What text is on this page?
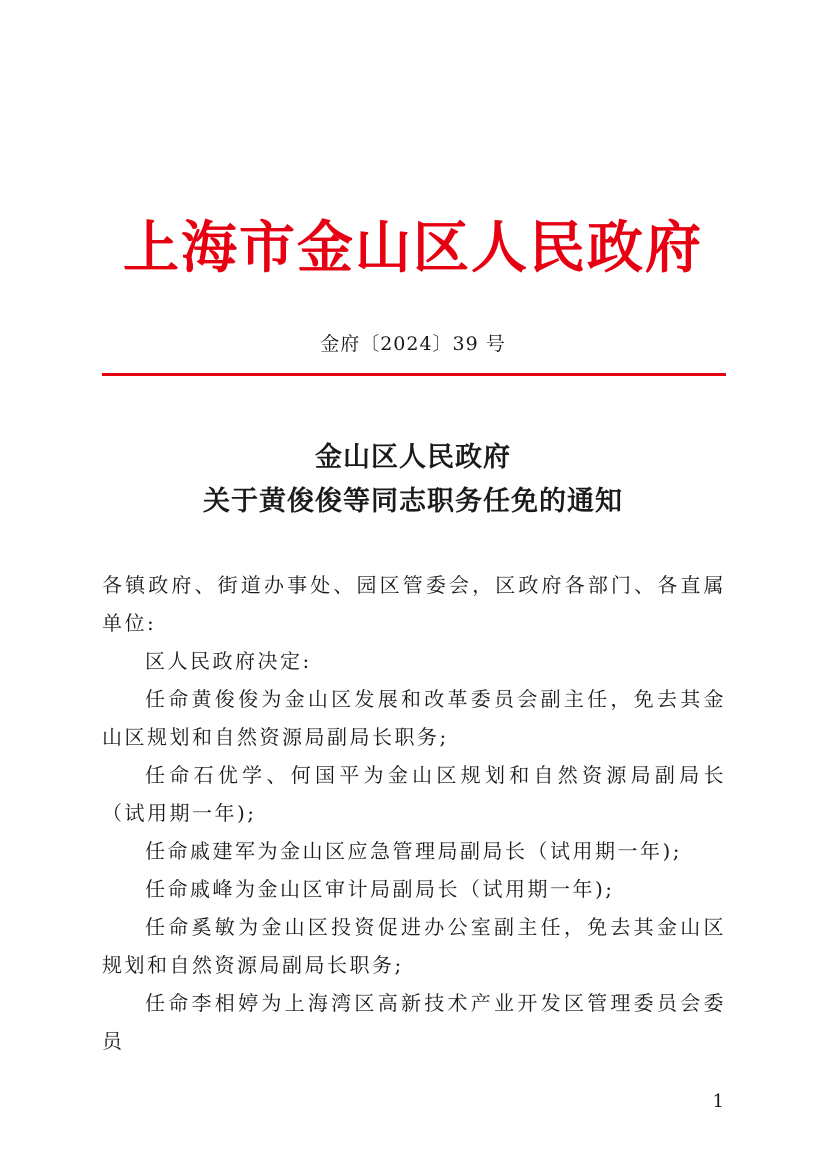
上海市金山区人民政府
金府〔2024〕39 号
金山区人民政府
关于黄俊俊等同志职务任免的通知

各镇政府、街道办事处、园区管委会，区政府各部门、各直属单位:

区人民政府决定:

任命黄俊俊为金山区发展和改革委员会副主任，免去其金山区规划和自然资源局副局长职务;

任命石优学、何国平为金山区规划和自然资源局副局长（试用期一年);

任命戚建军为金山区应急管理局副局长（试用期一年);

任命戚峰为金山区审计局副局长（试用期一年);

任命奚敏为金山区投资促进办公室副主任，免去其金山区规划和自然资源局副局长职务;

任命李相婷为上海湾区高新技术产业开发区管理委员会委员

1
